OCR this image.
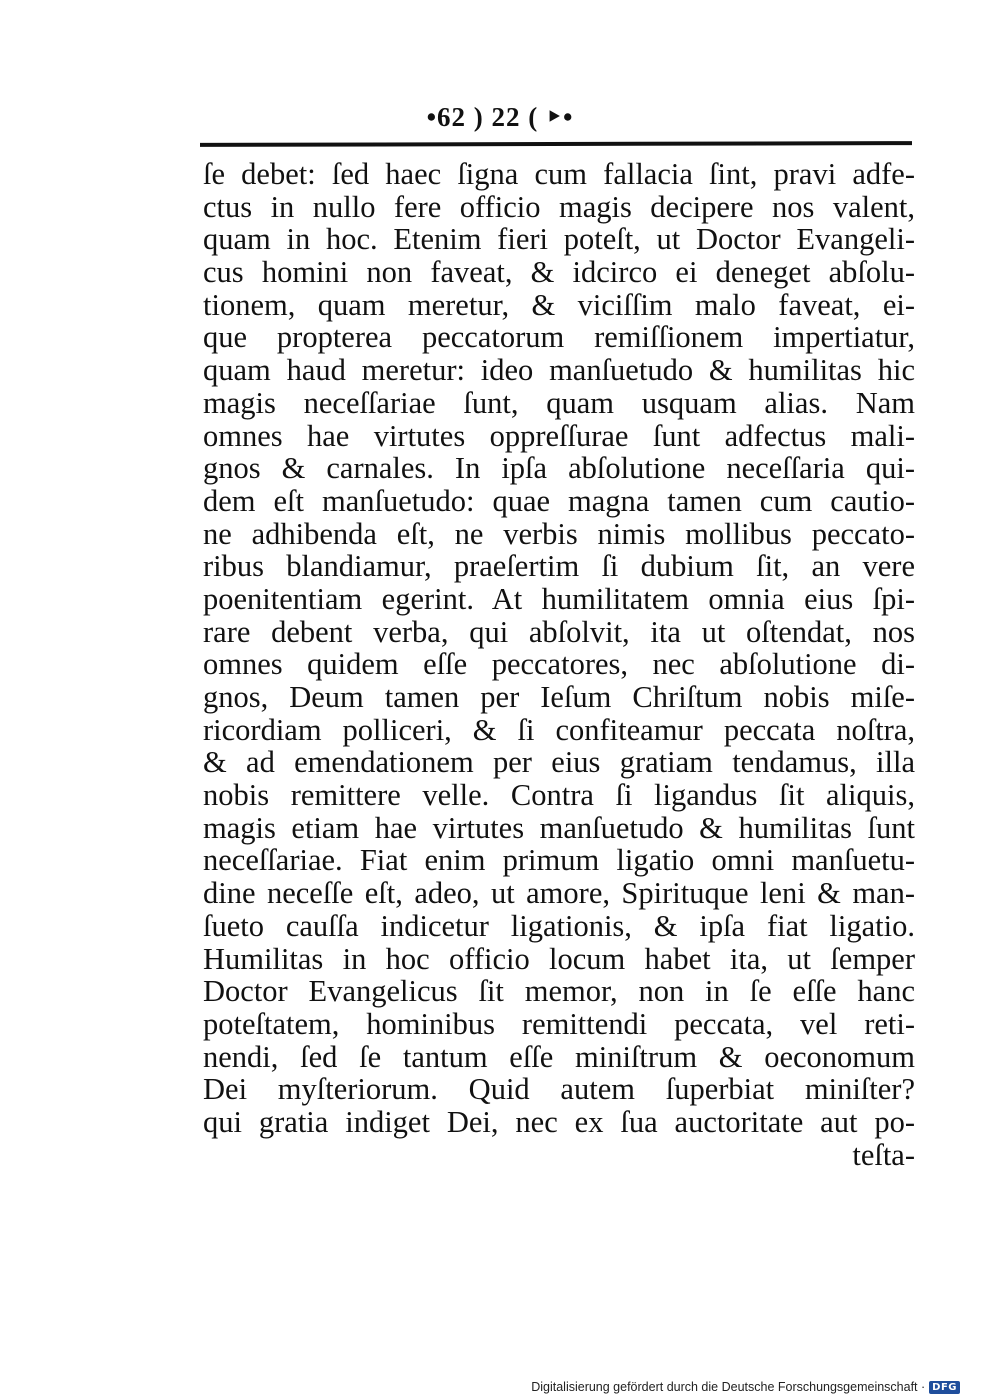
•62 ) 22 ( ‣•
ſe debet: ſed haec ſigna cum fallacia ſint, pravi adfe-
ctus in nullo fere officio magis decipere nos valent,
quam in hoc. Etenim fieri poteſt, ut Doctor Evangeli-
cus homini non faveat, & idcirco ei deneget abſolu-
tionem, quam meretur, & viciſſim malo faveat, ei-
que propterea peccatorum remiſſionem impertiatur,
quam haud meretur: ideo manſuetudo & humilitas hic
magis neceſſariae ſunt, quam usquam alias. Nam
omnes hae virtutes oppreſſurae ſunt adfectus mali-
gnos & carnales. In ipſa abſolutione neceſſaria qui-
dem eſt manſuetudo: quae magna tamen cum cautio-
ne adhibenda eſt, ne verbis nimis mollibus peccato-
ribus blandiamur, praeſertim ſi dubium ſit, an vere
poenitentiam egerint. At humilitatem omnia eius ſpi-
rare debent verba, qui abſolvit, ita ut oſtendat, nos
omnes quidem eſſe peccatores, nec abſolutione di-
gnos, Deum tamen per Ieſum Chriſtum nobis miſe-
ricordiam polliceri, & ſi confiteamur peccata noſtra,
& ad emendationem per eius gratiam tendamus, illa
nobis remittere velle. Contra ſi ligandus ſit aliquis,
magis etiam hae virtutes manſuetudo & humilitas ſunt
neceſſariae. Fiat enim primum ligatio omni manſuetu-
dine neceſſe eſt, adeo, ut amore, Spirituque leni & man-
ſueto cauſſa indicetur ligationis, & ipſa fiat ligatio.
Humilitas in hoc officio locum habet ita, ut ſemper
Doctor Evangelicus ſit memor, non in ſe eſſe hanc
poteſtatem, hominibus remittendi peccata, vel reti-
nendi, ſed ſe tantum eſſe miniſtrum & oeconomum
Dei myſteriorum. Quid autem ſuperbiat miniſter?
qui gratia indiget Dei, nec ex ſua auctoritate aut po-
teſta-
Digitalisierung gefördert durch die Deutsche Forschungsgemeinschaft · DFG
